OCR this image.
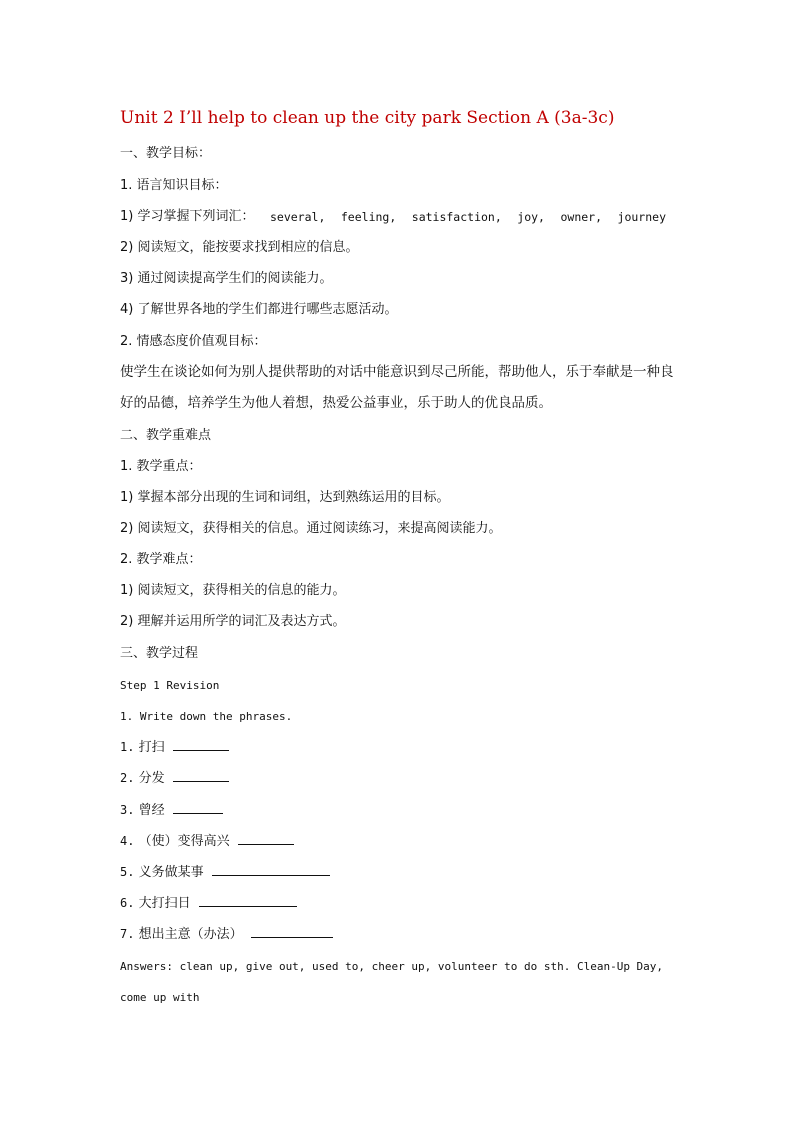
Unit 2 I’ll help to clean up the city park Section A (3a-3c)
一、教学目标：
1. 语言知识目标：
1) 学习掌握下列词汇： several, feeling, satisfaction, joy, owner, journey
2) 阅读短文，能按要求找到相应的信息。
3) 通过阅读提高学生们的阅读能力。
4) 了解世界各地的学生们都进行哪些志愿活动。
2. 情感态度价值观目标：
使学生在谈论如何为别人提供帮助的对话中能意识到尽己所能，帮助他人，乐于奉献是一种良好的品德，培养学生为他人着想，热爱公益事业，乐于助人的优良品质。
二、教学重难点
1. 教学重点：
1) 掌握本部分出现的生词和词组，达到熟练运用的目标。
2) 阅读短文，获得相关的信息。通过阅读练习，来提高阅读能力。
2. 教学难点：
1) 阅读短文，获得相关的信息的能力。
2) 理解并运用所学的词汇及表达方式。
三、教学过程
Step 1 Revision
1. Write down the phrases.
1. 打扫
2. 分发
3. 曾经
4. （使）变得高兴
5. 义务做某事
6. 大打扫日
7. 想出主意（办法）
Answers: clean up, give out, used to, cheer up, volunteer to do sth. Clean-Up Day,
come up with
